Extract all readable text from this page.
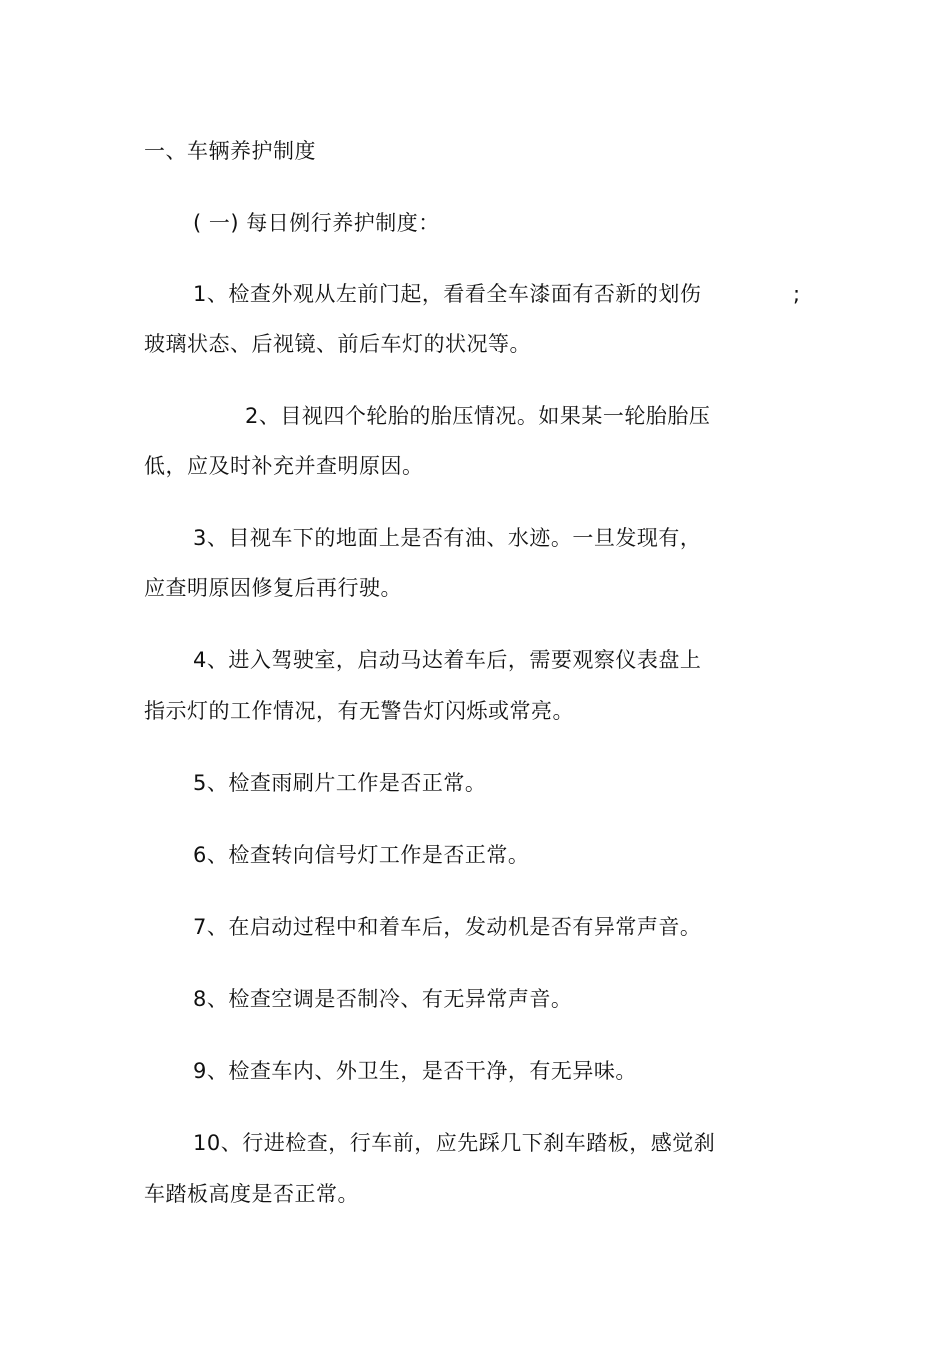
一、车辆养护制度
( 一) 每日例行养护制度：
1、检查外观从左前门起，看看全车漆面有否新的划伤	;
玻璃状态、后视镜、前后车灯的状况等。
2、目视四个轮胎的胎压情况。如果某一轮胎胎压
低，应及时补充并查明原因。
3、目视车下的地面上是否有油、水迹。一旦发现有，
应查明原因修复后再行驶。
4、进入驾驶室，启动马达着车后，需要观察仪表盘上
指示灯的工作情况，有无警告灯闪烁或常亮。
5、检查雨刷片工作是否正常。
6、检查转向信号灯工作是否正常。
7、在启动过程中和着车后，发动机是否有异常声音。
8、检查空调是否制冷、有无异常声音。
9、检查车内、外卫生，是否干净，有无异味。
10、行进检查，行车前，应先踩几下刹车踏板，感觉刹
车踏板高度是否正常。
